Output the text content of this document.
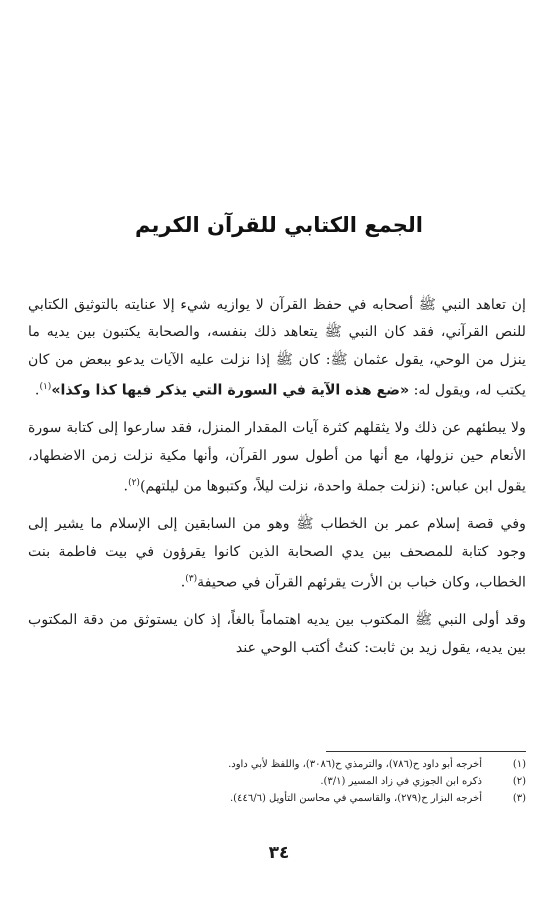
الجمع الكتابي للقرآن الكريم

إن تعاهد النبي ﷺ أصحابه في حفظ القرآن لا يوازيه شيء إلا عنايته بالتوثيق الكتابي للنص القرآني، فقد كان النبي ﷺ يتعاهد ذلك بنفسه، والصحابة يكتبون بين يديه ما ينزل من الوحي، يقول عثمان ﷺ: كان ﷺ إذا نزلت عليه الآيات يدعو ببعض من كان يكتب له، ويقول له: «ضع هذه الآية في السورة التي يذكر فيها كذا وكذا»$^{(١)}$.

ولا يبطئهم عن ذلك ولا يثقلهم كثرة آيات المقدار المنزل، فقد سارعوا إلى كتابة سورة الأنعام حين نزولها، مع أنها من أطول سور القرآن، وأنها مكية نزلت زمن الاضطهاد، يقول ابن عباس: (نزلت جملة واحدة، نزلت ليلاً، وكتبوها من ليلتهم)$^{(٢)}$.

وفي قصة إسلام عمر بن الخطاب ﷺ وهو من السابقين إلى الإسلام ما يشير إلى وجود كتابة للمصحف بين يدي الصحابة الذين كانوا يقرؤون في بيت فاطمة بنت الخطاب، وكان خباب بن الأرت يقرئهم القرآن في صحيفة$^{(٣)}$.

وقد أولى النبي ﷺ المكتوب بين يديه اهتماماً بالغاً، إذ كان يستوثق من دقة المكتوب بين يديه، يقول زيد بن ثابت: كنتُ أكتب الوحي عند

(١)
أخرجه أبو داود ح(٧٨٦)، والترمذي ح(٣٠٨٦)، واللفظ لأبي داود.
(٢)
ذكره ابن الجوزي في زاد المسير (٣/١).
(٣)
أخرجه البزار ح(٢٧٩)، والقاسمي في محاسن التأويل (٤٤٦/٦).
٣٤
